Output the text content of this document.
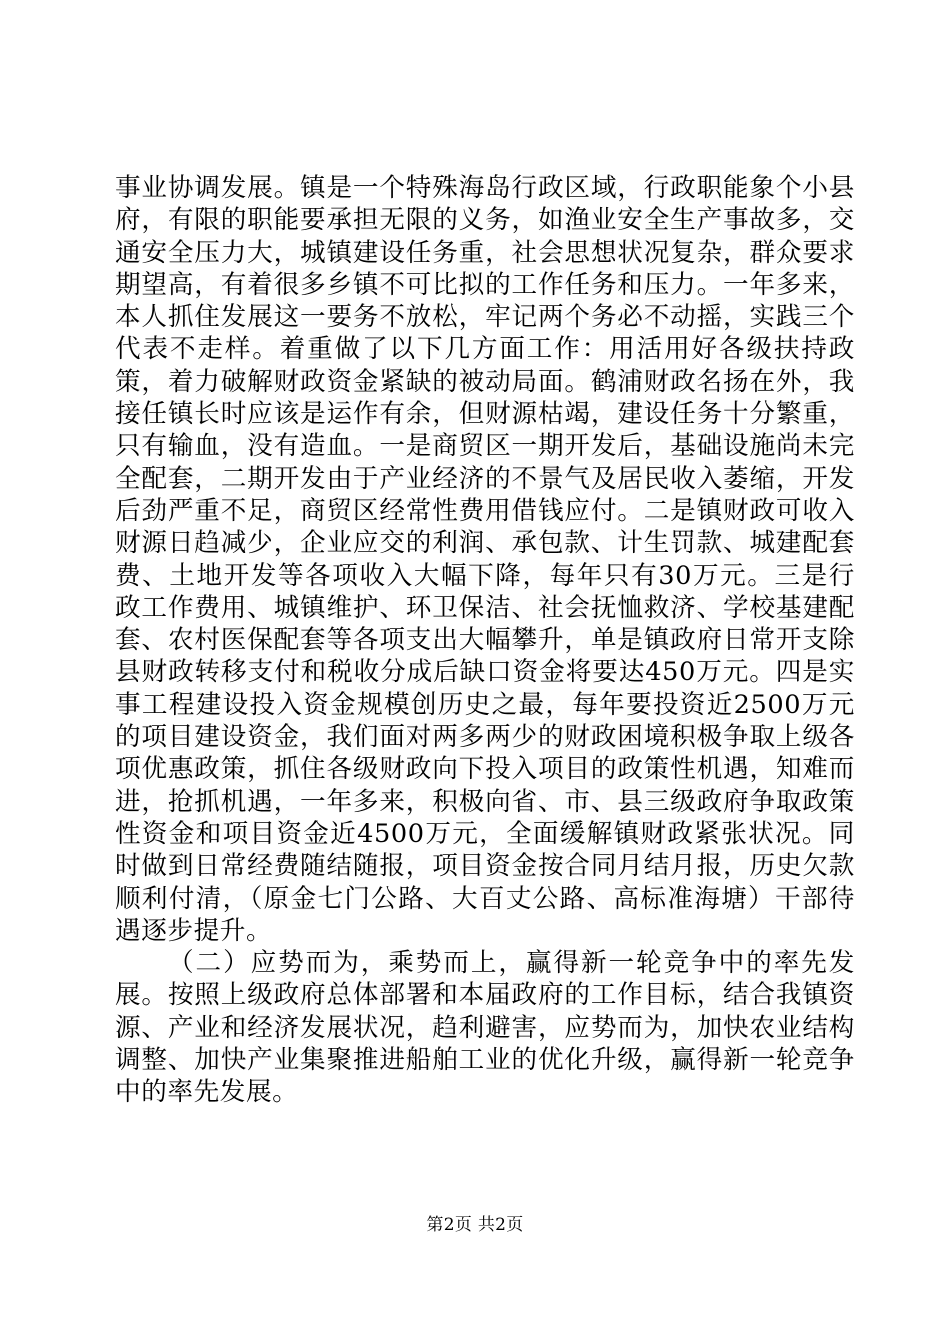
事业协调发展。镇是一个特殊海岛行政区域，行政职能象个小县府，有限的职能要承担无限的义务，如渔业安全生产事故多，交通安全压力大，城镇建设任务重，社会思想状况复杂，群众要求期望高，有着很多乡镇不可比拟的工作任务和压力。一年多来，本人抓住发展这一要务不放松，牢记两个务必不动摇，实践三个代表不走样。着重做了以下几方面工作：用活用好各级扶持政策，着力破解财政资金紧缺的被动局面。鹤浦财政名扬在外，我接任镇长时应该是运作有余，但财源枯竭，建设任务十分繁重，只有输血，没有造血。一是商贸区一期开发后，基础设施尚未完全配套，二期开发由于产业经济的不景气及居民收入萎缩，开发后劲严重不足，商贸区经常性费用借钱应付。二是镇财政可收入财源日趋减少，企业应交的利润、承包款、计生罚款、城建配套费、土地开发等各项收入大幅下降，每年只有30万元。三是行政工作费用、城镇维护、环卫保洁、社会抚恤救济、学校基建配套、农村医保配套等各项支出大幅攀升，单是镇政府日常开支除县财政转移支付和税收分成后缺口资金将要达450万元。四是实事工程建设投入资金规模创历史之最，每年要投资近2500万元的项目建设资金，我们面对两多两少的财政困境积极争取上级各项优惠政策，抓住各级财政向下投入项目的政策性机遇，知难而进，抢抓机遇，一年多来，积极向省、市、县三级政府争取政策性资金和项目资金近4500万元，全面缓解镇财政紧张状况。同时做到日常经费随结随报，项目资金按合同月结月报，历史欠款顺利付清，（原金七门公路、大百丈公路、高标准海塘）干部待遇逐步提升。

（二）应势而为，乘势而上，赢得新一轮竞争中的率先发展。按照上级政府总体部署和本届政府的工作目标，结合我镇资源、产业和经济发展状况，趋利避害，应势而为，加快农业结构调整、加快产业集聚推进船舶工业的优化升级，赢得新一轮竞争中的率先发展。

第2页 共2页
